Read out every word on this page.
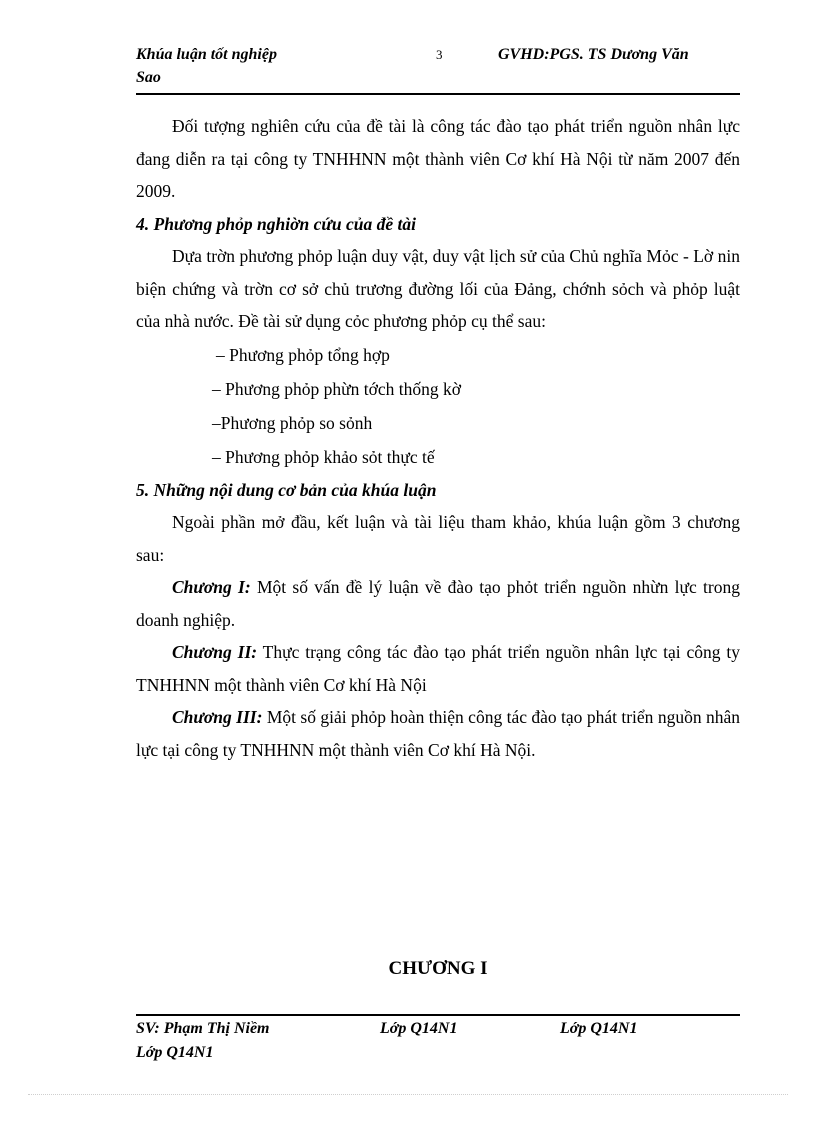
Khúa luận tốt nghiệp	3	GVHD:PGS. TS Dương Văn
Sao

Đối tượng nghiên cứu của đề tài là công tác đào tạo phát triển nguồn nhân lực đang diễn ra tại công ty TNHHNN một thành viên Cơ khí Hà Nội từ năm 2007 đến 2009.

4. Phương phỏp nghiờn cứu của đề tài

Dựa trờn phương phỏp luận duy vật, duy vật lịch sử của Chủ nghĩa Mỏc - Lờ nin biện chứng và trờn cơ sở chủ trương đường lối của Đảng, chớnh sỏch và phỏp luật của nhà nước. Đề tài sử dụng cỏc phương phỏp cụ thể sau:

– Phương phỏp tổng hợp

– Phương phỏp phừn tớch thống kờ

–Phương phỏp so sỏnh

– Phương phỏp khảo sỏt thực tế

5. Những nội dung cơ bản của khúa luận

Ngoài phần mở đầu, kết luận và tài liệu tham khảo, khúa luận gồm 3 chương sau:

Chương I: Một số vấn đề lý luận về đào tạo phỏt triển nguồn nhừn lực trong doanh nghiệp.

Chương II: Thực trạng công tác đào tạo phát triển nguồn nhân lực tại công ty TNHHNN một thành viên Cơ khí Hà Nội

Chương III: Một số giải phỏp hoàn thiện công tác đào tạo phát triển nguồn nhân lực tại công ty TNHHNN một thành viên Cơ khí Hà Nội.

CHƯƠNG I
SV: Phạm Thị Niềm	Lớp Q14N1	Lớp Q14N1
Lớp Q14N1
